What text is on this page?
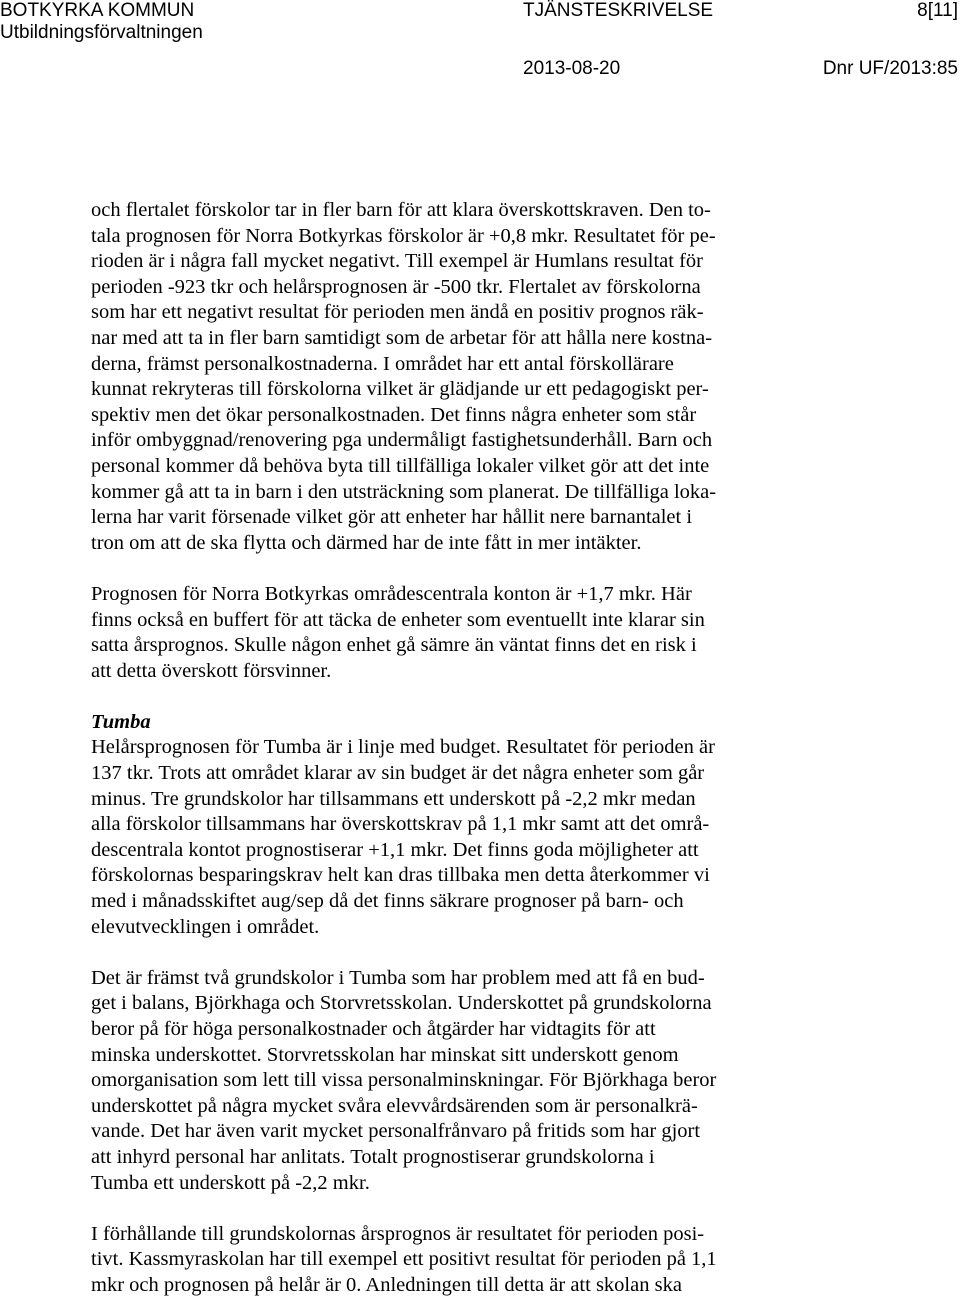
BOTKYRKA KOMMUN
Utbildningsförvaltningen
TJÄNSTESKRIVELSE	8[11]
2013-08-20	Dnr UF/2013:85

och flertalet förskolor tar in fler barn för att klara överskottskraven. Den to-
tala prognosen för Norra Botkyrkas förskolor är +0,8 mkr. Resultatet för pe-
rioden är i några fall mycket negativt. Till exempel är Humlans resultat för
perioden -923 tkr och helårsprognosen är -500 tkr. Flertalet av förskolorna
som har ett negativt resultat för perioden men ändå en positiv prognos räk-
nar med att ta in fler barn samtidigt som de arbetar för att hålla nere kostna-
derna, främst personalkostnaderna. I området har ett antal förskollärare
kunnat rekryteras till förskolorna vilket är glädjande ur ett pedagogiskt per-
spektiv men det ökar personalkostnaden. Det finns några enheter som står
inför ombyggnad/renovering pga undermåligt fastighetsunderhåll. Barn och
personal kommer då behöva byta till tillfälliga lokaler vilket gör att det inte
kommer gå att ta in barn i den utsträckning som planerat. De tillfälliga loka-
lerna har varit försenade vilket gör att enheter har hållit nere barnantalet i
tron om att de ska flytta och därmed har de inte fått in mer intäkter.

Prognosen för Norra Botkyrkas områdescentrala konton är +1,7 mkr. Här
finns också en buffert för att täcka de enheter som eventuellt inte klarar sin
satta årsprognos. Skulle någon enhet gå sämre än väntat finns det en risk i
att detta överskott försvinner.

Tumba

Helårsprognosen för Tumba är i linje med budget. Resultatet för perioden är
137 tkr. Trots att området klarar av sin budget är det några enheter som går
minus. Tre grundskolor har tillsammans ett underskott på -2,2 mkr medan
alla förskolor tillsammans har överskottskrav på 1,1 mkr samt att det områ-
descentrala kontot prognostiserar +1,1 mkr. Det finns goda möjligheter att
förskolornas besparingskrav helt kan dras tillbaka men detta återkommer vi
med i månadsskiftet aug/sep då det finns säkrare prognoser på barn- och
elevutvecklingen i området.

Det är främst två grundskolor i Tumba som har problem med att få en bud-
get i balans, Björkhaga och Storvretsskolan. Underskottet på grundskolorna
beror på för höga personalkostnader och åtgärder har vidtagits för att
minska underskottet. Storvretsskolan har minskat sitt underskott genom
omorganisation som lett till vissa personalminskningar. För Björkhaga beror
underskottet på några mycket svåra elevvårdsärenden som är personalkrä-
vande. Det har även varit mycket personalfrånvaro på fritids som har gjort
att inhyrd personal har anlitats. Totalt prognostiserar grundskolorna i
Tumba ett underskott på -2,2 mkr.

I förhållande till grundskolornas årsprognos är resultatet för perioden posi-
tivt. Kassmyraskolan har till exempel ett positivt resultat för perioden på 1,1
mkr och prognosen på helår är 0. Anledningen till detta är att skolan ska
